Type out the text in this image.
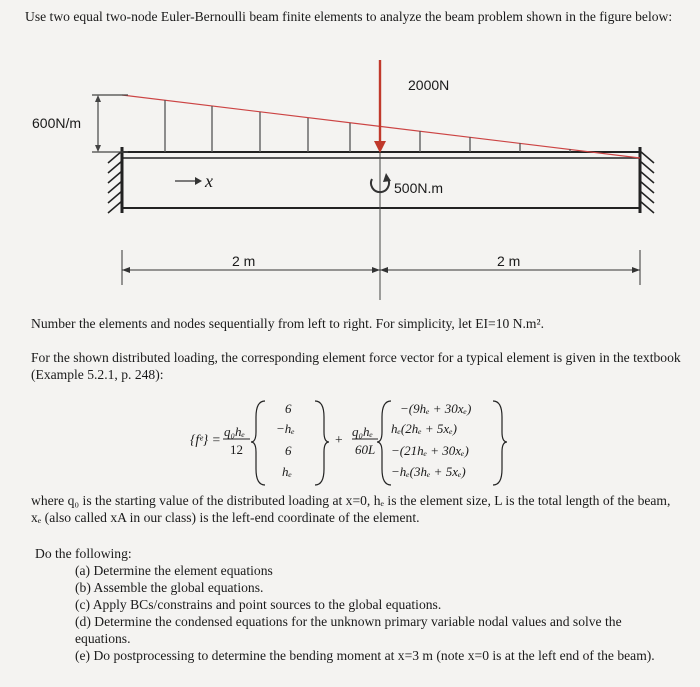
Use two equal two-node Euler-Bernoulli beam finite elements to analyze the beam problem shown in the figure below:
600N/m
2000N
500N.m
x
2 m	2 m
Number the elements and nodes sequentially from left to right. For simplicity, let EI=10 N.m².
For the shown distributed loading, the corresponding element force vector for a typical element is given in the textbook (Example 5.2.1, p. 248):
{fᵉ} =
q₀hₑ
12
6
−hₑ
6
hₑ
+
q₀hₑ
60L
−(9hₑ + 30xₑ)
hₑ(2hₑ + 5xₑ)
−(21hₑ + 30xₑ)
−hₑ(3hₑ + 5xₑ)
where q₀ is the starting value of the distributed loading at x=0, hₑ is the element size, L is the total length of the beam, xₑ (also called xA in our class) is the left-end coordinate of the element.
Do the following:

(a) Determine the element equations

(b) Assemble the global equations.

(c) Apply BCs/constrains and point sources to the global equations.

(d) Determine the condensed equations for the unknown primary variable nodal values and solve the equations.

(e) Do postprocessing to determine the bending moment at x=3 m (note x=0 is at the left end of the beam).
